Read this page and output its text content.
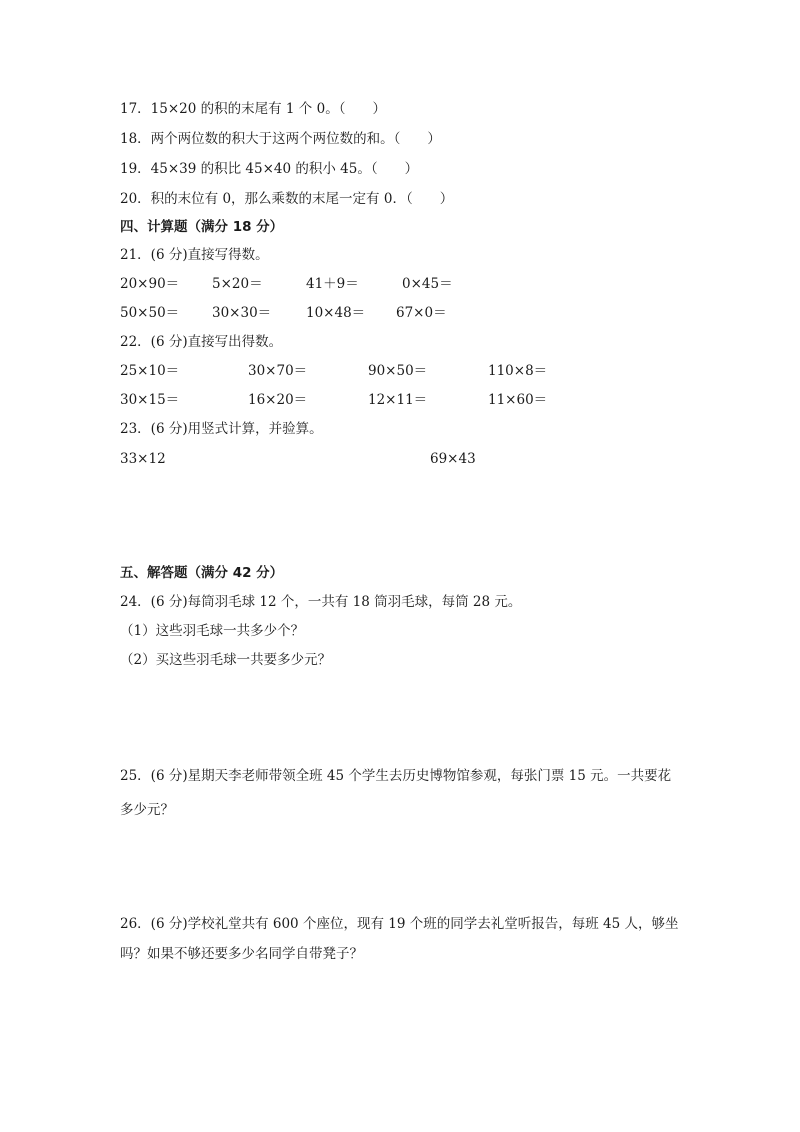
17．15×20 的积的末尾有 1 个 0。（　　）
18．两个两位数的积大于这两个两位数的和。（　　）
19．45×39 的积比 45×40 的积小 45。（　　）
20．积的末位有 0，那么乘数的末尾一定有 0．（　　）
四、计算题（满分 18 分）
21．(6 分)直接写得数。
20×90＝ 5×20＝	41＋9＝	0×45＝
50×50＝ 30×30＝	10×48＝ 67×0＝
22．(6 分)直接写出得数。
25×10＝	30×70＝	90×50＝	110×8＝
30×15＝	16×20＝	12×11＝	11×60＝
23．(6 分)用竖式计算，并验算。
33×12	69×43
五、解答题（满分 42 分）
24．(6 分)每筒羽毛球 12 个，一共有 18 筒羽毛球，每筒 28 元。
（1）这些羽毛球一共多少个？
（2）买这些羽毛球一共要多少元？
25．(6 分)星期天李老师带领全班 45 个学生去历史博物馆参观，每张门票 15 元。一共要花
多少元？
26．(6 分)学校礼堂共有 600 个座位，现有 19 个班的同学去礼堂听报告，每班 45 人，够坐
吗？如果不够还要多少名同学自带凳子？
